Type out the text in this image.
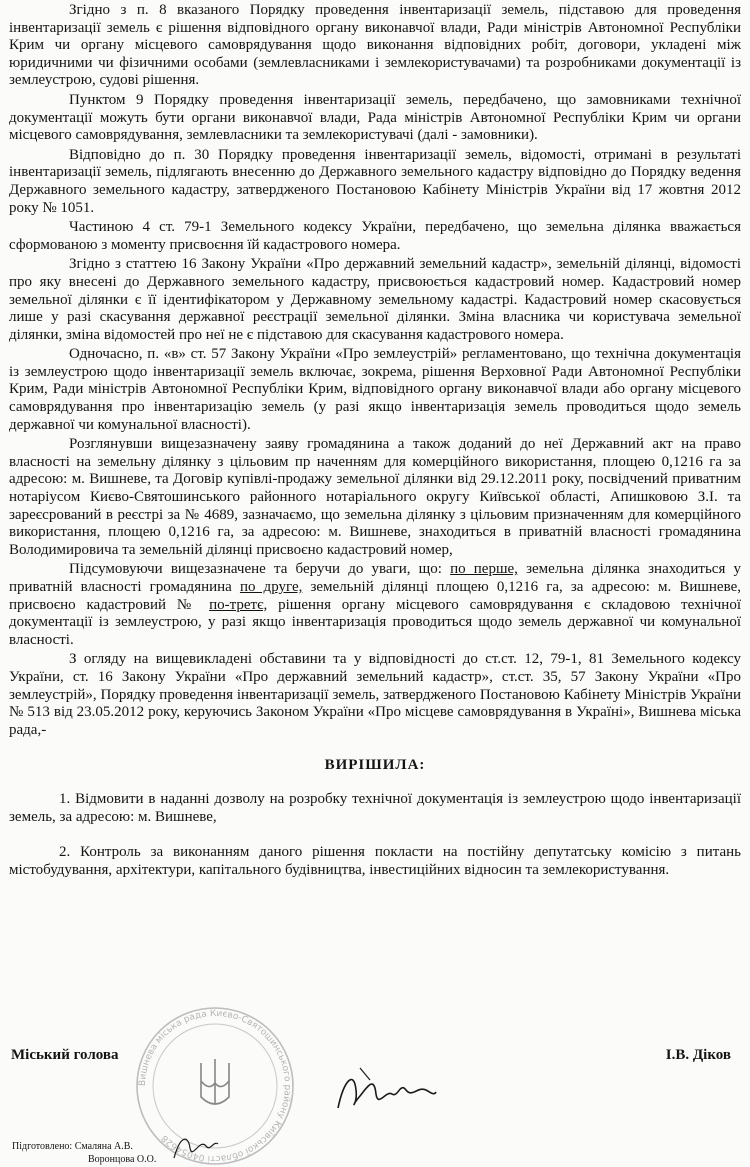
Згідно з п. 8 вказаного Порядку проведення інвентаризації земель, підставою для проведення інвентаризації земель є рішення відповідного органу виконавчої влади, Ради міністрів Автономної Республіки Крим чи органу місцевого самоврядування щодо виконання відповідних робіт, договори, укладені між юридичними чи фізичними особами (землевласниками і землекористувачами) та розробниками документації із землеустрою, судові рішення.

Пунктом 9 Порядку проведення інвентаризації земель, передбачено, що замовниками технічної документації можуть бути органи виконавчої влади, Рада міністрів Автономної Республіки Крим чи органи місцевого самоврядування, землевласники та землекористувачі (далі - замовники).

Відповідно до п. 30 Порядку проведення інвентаризації земель, відомості, отримані в результаті інвентаризації земель, підлягають внесенню до Державного земельного кадастру відповідно до Порядку ведення Державного земельного кадастру, затвердженого Постановою Кабінету Міністрів України від 17 жовтня 2012 року № 1051.

Частиною 4 ст. 79-1 Земельного кодексу України, передбачено, що земельна ділянка вважається сформованою з моменту присвоєння їй кадастрового номера.

Згідно з статтею 16 Закону України «Про державний земельний кадастр», земельній ділянці, відомості про яку внесені до Державного земельного кадастру, присвоюється кадастровий номер. Кадастровий номер земельної ділянки є її ідентифікатором у Державному земельному кадастрі. Кадастровий номер скасовується лише у разі скасування державної реєстрації земельної ділянки. Зміна власника чи користувача земельної ділянки, зміна відомостей про неї не є підставою для скасування кадастрового номера.

Одночасно, п. «в» ст. 57 Закону України «Про землеустрій» регламентовано, що технічна документація із землеустрою щодо інвентаризації земель включає, зокрема, рішення Верховної Ради Автономної Республіки Крим, Ради міністрів Автономної Республіки Крим, відповідного органу виконавчої влади або органу місцевого самоврядування про інвентаризацію земель (у разі якщо інвентаризація земель проводиться щодо земель державної чи комунальної власності).

Розглянувши вищезазначену заяву громадянина а також доданий до неї Державний акт на право власності на земельну ділянку з цільовим пр наченням для комерційного використання, площею 0,1216 га за адресою: м. Вишневе, та Договір купівлі-продажу земельної ділянки від 29.12.2011 року, посвідчений приватним нотаріусом Києво-Святошинського районного нотаріального округу Київської області, Апишковою З.І. та зареєсрований в реєстрі за № 4689, зазначаємо, що земельна ділянку з цільовим призначенням для комерційного використання, площею 0,1216 га, за адресою: м. Вишневе, знаходиться в приватній власності громадянина Володимировича та земельній ділянці присвоєно кадастровий номер,

Підсумовуючи вищезазначене та беручи до уваги, що: по перше, земельна ділянка знаходиться у приватній власності громадянина по друге, земельній ділянці площею 0,1216 га, за адресою: м. Вишневе, присвоєно кадастровий № по-третє, рішення органу місцевого самоврядування є складовою технічної документації із землеустрою, у разі якщо інвентаризація проводиться щодо земель державної чи комунальної власності.

З огляду на вищевикладені обставини та у відповідності до ст.ст. 12, 79-1, 81 Земельного кодексу України, ст. 16 Закону України «Про державний земельний кадастр», ст.ст. 35, 57 Закону України «Про землеустрій», Порядку проведення інвентаризації земель, затвердженого Постановою Кабінету Міністрів України № 513 від 23.05.2012 року, керуючись Законом України «Про місцеве самоврядування в Україні», Вишнева міська рада,-

ВИРІШИЛА:

1. Відмовити в наданні дозволу на розробку технічної документація із землеустрою щодо інвентаризації земель, за адресою: м. Вишневе,

2. Контроль за виконанням даного рішення покласти на постійну депутатську комісію з питань містобудування, архітектури, капітального будівництва, інвестиційних відносин та землекористування.

Вишнева міська рада Києво-Святошинського району Київської області 04054628
Міський голова	І.В. Діков
Підготовлено: Смаляна А.В.
Воронцова О.О.
